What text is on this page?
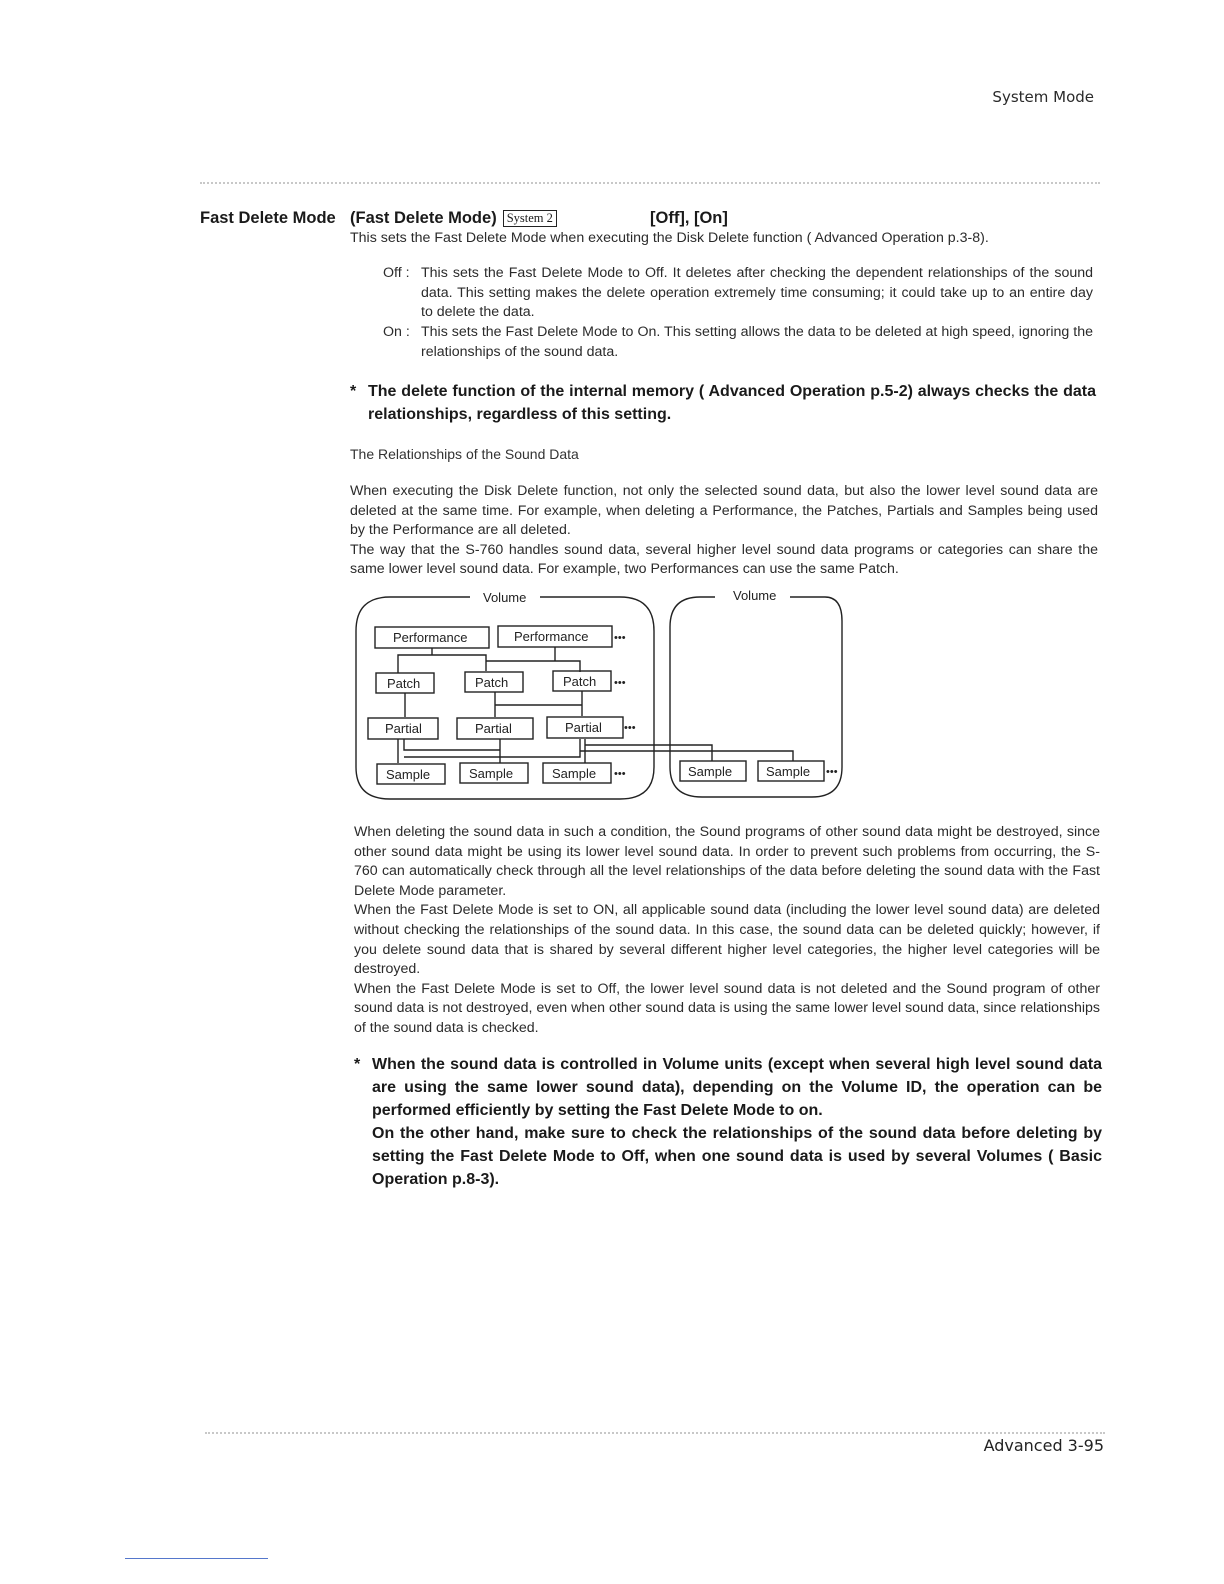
System Mode
Fast Delete Mode (Fast Delete Mode) System 2	[Off], [On]
This sets the Fast Delete Mode when executing the Disk Delete function ( Advanced Operation p.3-8).
Off : This sets the Fast Delete Mode to Off. It deletes after checking the dependent relationships of the sound data. This setting makes the delete operation extremely time consuming; it could take up to an entire day to delete the data.
On : This sets the Fast Delete Mode to On. This setting allows the data to be deleted at high speed, ignoring the relationships of the sound data.
* The delete function of the internal memory ( Advanced Operation p.5-2) always checks the data relationships, regardless of this setting.
The Relationships of the Sound Data
When executing the Disk Delete function, not only the selected sound data, but also the lower level sound data are deleted at the same time. For example, when deleting a Performance, the Patches, Partials and Samples being used by the Performance are all deleted.
The way that the S-760 handles sound data, several higher level sound data programs or categories can share the same lower level sound data. For example, two Performances can use the same Patch.
Volume	Volume
Performance	Performance •••
Patch	Patch	Patch •••
Partial	Partial	Partial •••
Sample	Sample	Sample •••	Sample	Sample •••
When deleting the sound data in such a condition, the Sound programs of other sound data might be destroyed, since other sound data might be using its lower level sound data. In order to prevent such problems from occurring, the S-760 can automatically check through all the level relationships of the data before deleting the sound data with the Fast Delete Mode parameter.
When the Fast Delete Mode is set to ON, all applicable sound data (including the lower level sound data) are deleted without checking the relationships of the sound data. In this case, the sound data can be deleted quickly; however, if you delete sound data that is shared by several different higher level categories, the higher level categories will be destroyed.
When the Fast Delete Mode is set to Off, the lower level sound data is not deleted and the Sound program of other sound data is not destroyed, even when other sound data is using the same lower level sound data, since relationships of the sound data is checked.
* When the sound data is controlled in Volume units (except when several high level sound data are using the same lower sound data), depending on the Volume ID, the operation can be performed efficiently by setting the Fast Delete Mode to on.
On the other hand, make sure to check the relationships of the sound data before deleting by setting the Fast Delete Mode to Off, when one sound data is used by several Volumes ( Basic Operation p.8-3).
Advanced 3-95
